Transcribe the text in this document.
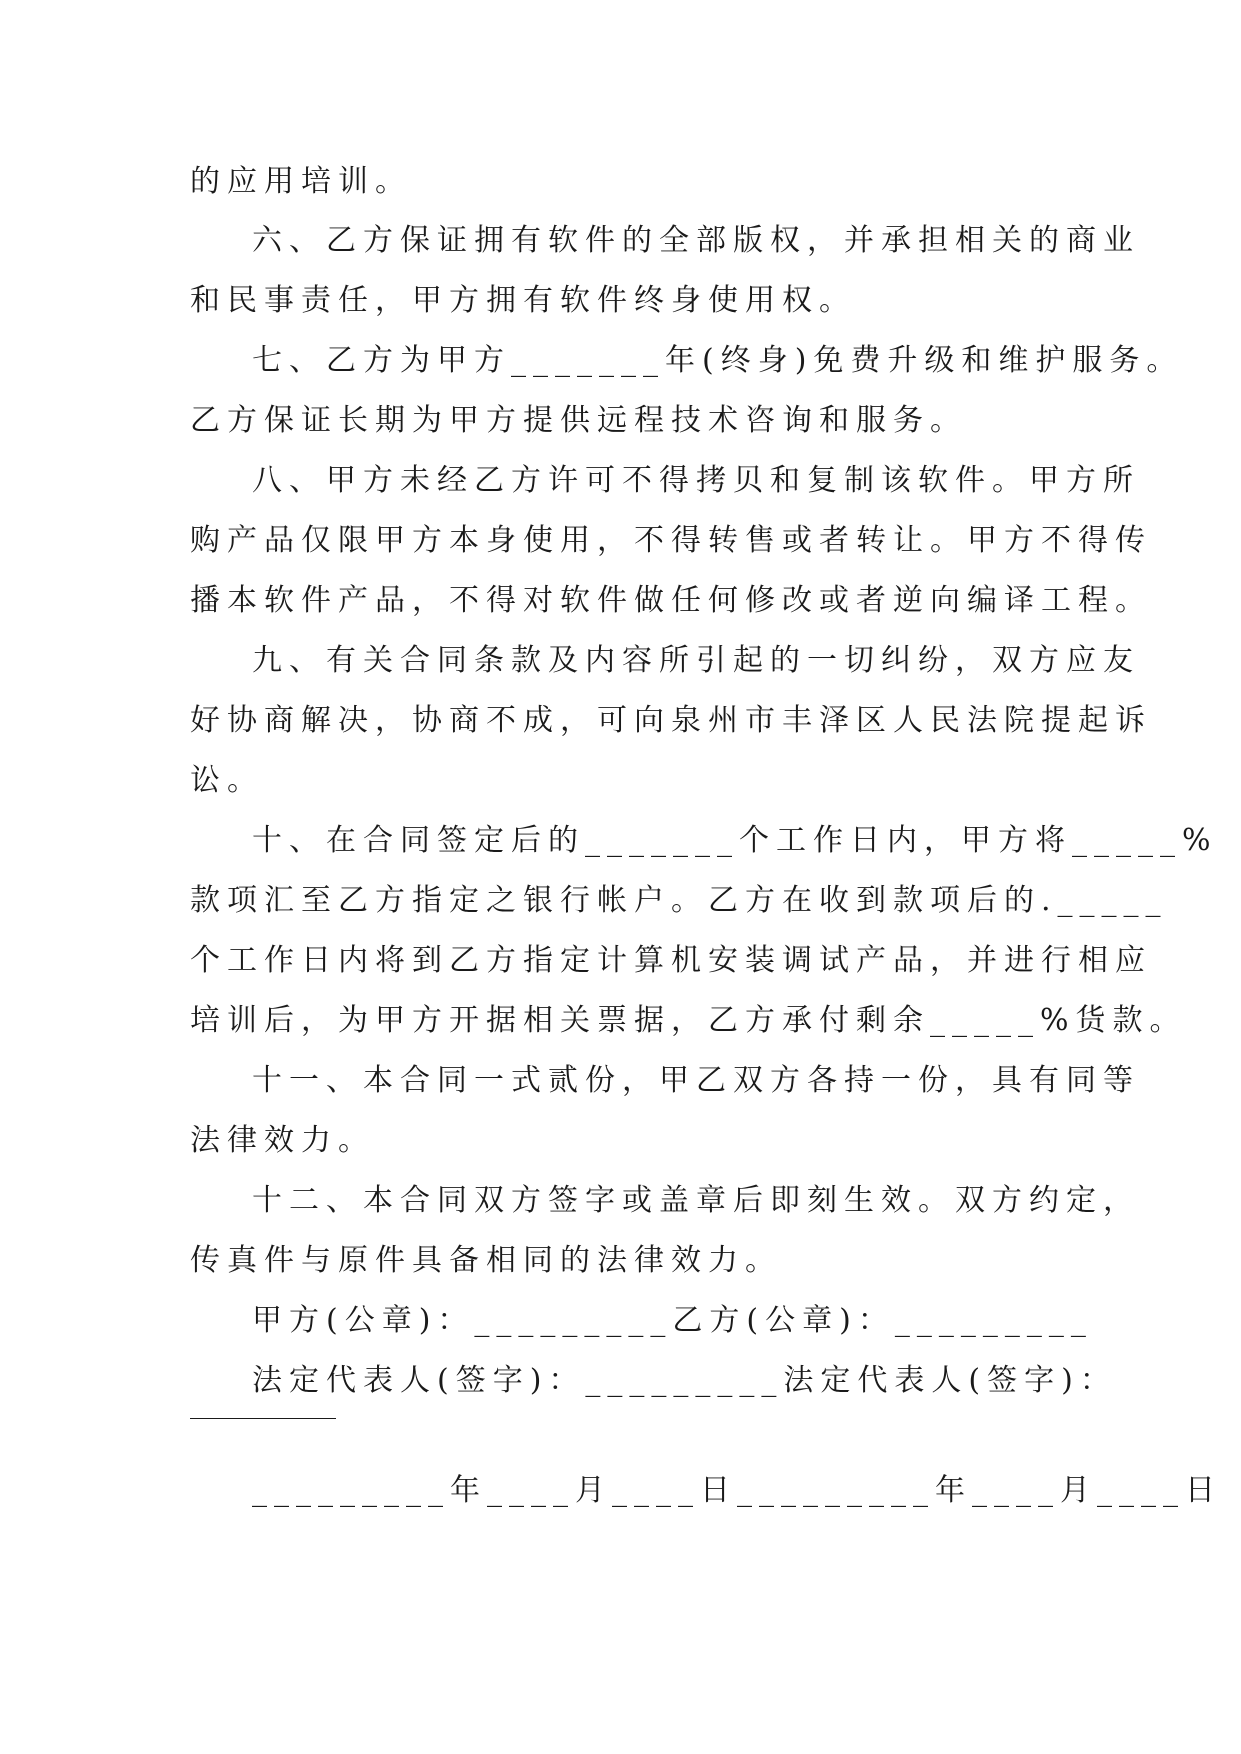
的应用培训。
六、乙方保证拥有软件的全部版权，并承担相关的商业
和民事责任，甲方拥有软件终身使用权。
七、乙方为甲方_______年(终身)免费升级和维护服务。
乙方保证长期为甲方提供远程技术咨询和服务。
八、甲方未经乙方许可不得拷贝和复制该软件。甲方所
购产品仅限甲方本身使用，不得转售或者转让。甲方不得传
播本软件产品，不得对软件做任何修改或者逆向编译工程。
九、有关合同条款及内容所引起的一切纠纷，双方应友
好协商解决，协商不成，可向泉州市丰泽区人民法院提起诉
讼。
十、在合同签定后的_______个工作日内，甲方将_____%
款项汇至乙方指定之银行帐户。乙方在收到款项后的._____
个工作日内将到乙方指定计算机安装调试产品，并进行相应
培训后，为甲方开据相关票据，乙方承付剩余_____%货款。
十一、本合同一式贰份，甲乙双方各持一份，具有同等
法律效力。
十二、本合同双方签字或盖章后即刻生效。双方约定，
传真件与原件具备相同的法律效力。
甲方(公章)：_________乙方(公章)：_________
法定代表人(签字)：_________法定代表人(签字)：
_________年____月____日_________年____月____日
